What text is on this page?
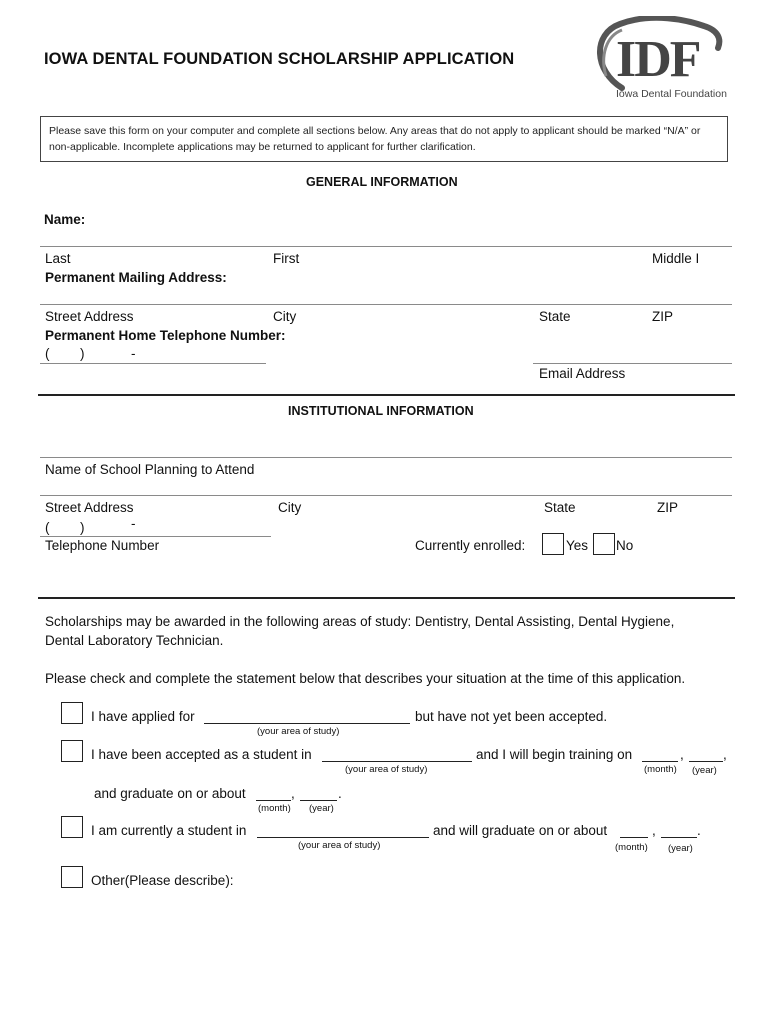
IOWA DENTAL FOUNDATION SCHOLARSHIP APPLICATION IDF
Iowa Dental Foundation
Please save this form on your computer and complete all sections below. Any areas that do not apply to applicant should be marked “N/A” or non-applicable. Incomplete applications may be returned to applicant for further clarification.
GENERAL INFORMATION
Name:
Last	First	Middle I
Permanent Mailing Address:
Street Address	City	State	ZIP
Permanent Home Telephone Number:
( )	-
Email Address
INSTITUTIONAL INFORMATION
Name of School Planning to Attend
Street Address	City	State	ZIP
( )	-
Telephone Number	Currently enrolled:	Yes No
Scholarships may be awarded in the following areas of study: Dentistry, Dental Assisting, Dental Hygiene,
Dental Laboratory Technician.
Please check and complete the statement below that describes your situation at the time of this application.
I have applied for
(your area of study)
but have not yet been accepted.
I have been accepted as a student in
(your area of study)
and I will begin training on	,	,
(month) (year)
and graduate on or about	,	.
(month) (year)
I am currently a student in
(your area of study)
and will graduate on or about	,	.
(month) (year)
Other(Please describe):
